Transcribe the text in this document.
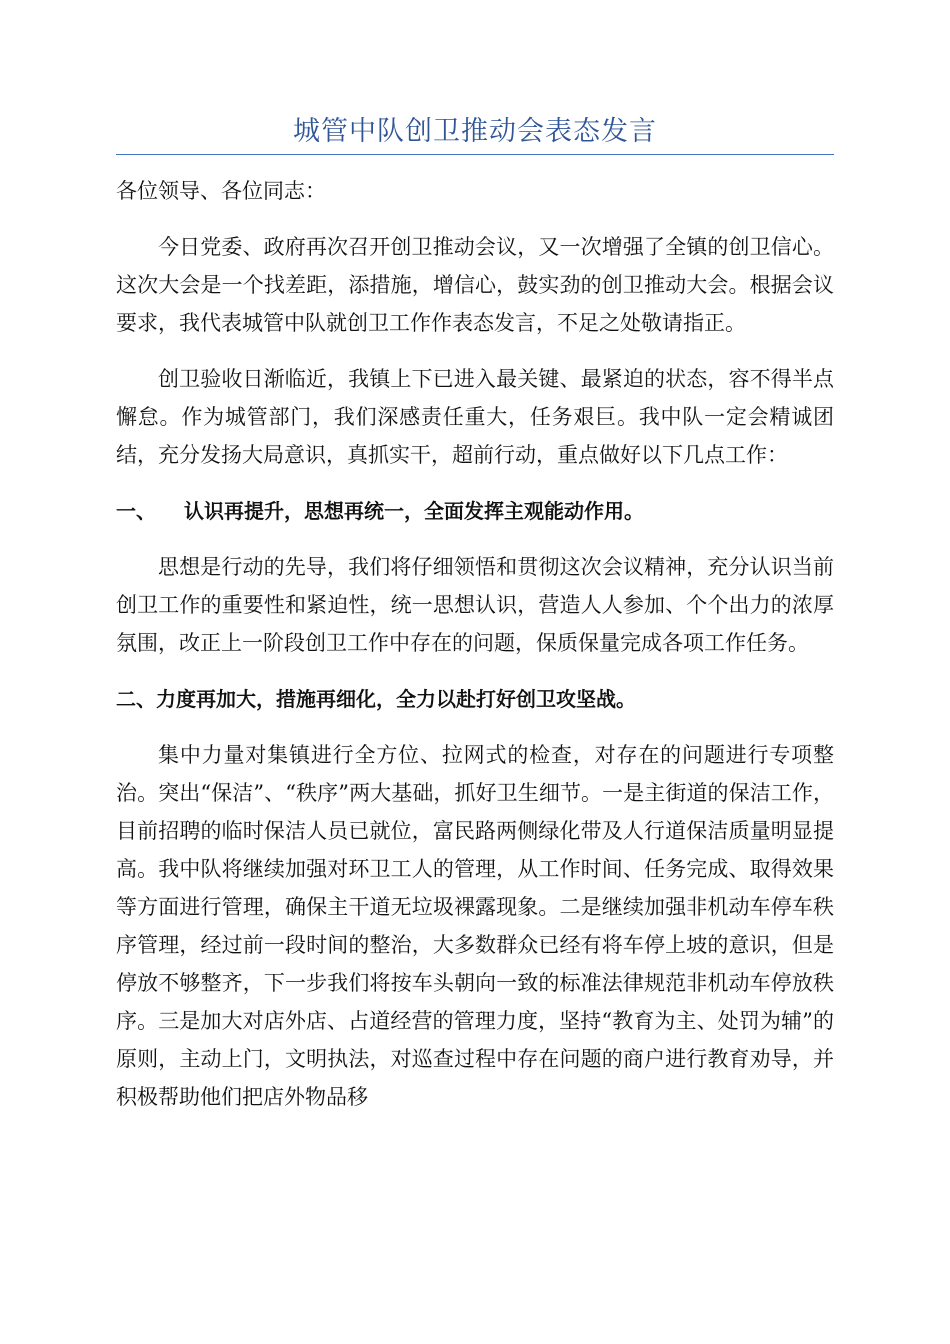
城管中队创卫推动会表态发言

各位领导、各位同志：

今日党委、政府再次召开创卫推动会议，又一次增强了全镇的创卫信心。这次大会是一个找差距，添措施，增信心，鼓实劲的创卫推动大会。根据会议要求，我代表城管中队就创卫工作作表态发言，不足之处敬请指正。

创卫验收日渐临近，我镇上下已进入最关键、最紧迫的状态，容不得半点懈怠。作为城管部门，我们深感责任重大，任务艰巨。我中队一定会精诚团结，充分发扬大局意识，真抓实干，超前行动，重点做好以下几点工作：

一、 认识再提升，思想再统一，全面发挥主观能动作用。

思想是行动的先导，我们将仔细领悟和贯彻这次会议精神，充分认识当前创卫工作的重要性和紧迫性，统一思想认识，营造人人参加、个个出力的浓厚氛围，改正上一阶段创卫工作中存在的问题，保质保量完成各项工作任务。

二、力度再加大，措施再细化，全力以赴打好创卫攻坚战。

集中力量对集镇进行全方位、拉网式的检查，对存在的问题进行专项整治。突出“保洁”、“秩序”两大基础，抓好卫生细节。一是主街道的保洁工作，目前招聘的临时保洁人员已就位，富民路两侧绿化带及人行道保洁质量明显提高。我中队将继续加强对环卫工人的管理，从工作时间、任务完成、取得效果等方面进行管理，确保主干道无垃圾裸露现象。二是继续加强非机动车停车秩序管理，经过前一段时间的整治，大多数群众已经有将车停上坡的意识，但是停放不够整齐，下一步我们将按车头朝向一致的标准法律规范非机动车停放秩序。三是加大对店外店、占道经营的管理力度，坚持“教育为主、处罚为辅”的原则，主动上门，文明执法，对巡查过程中存在问题的商户进行教育劝导，并积极帮助他们把店外物品移
